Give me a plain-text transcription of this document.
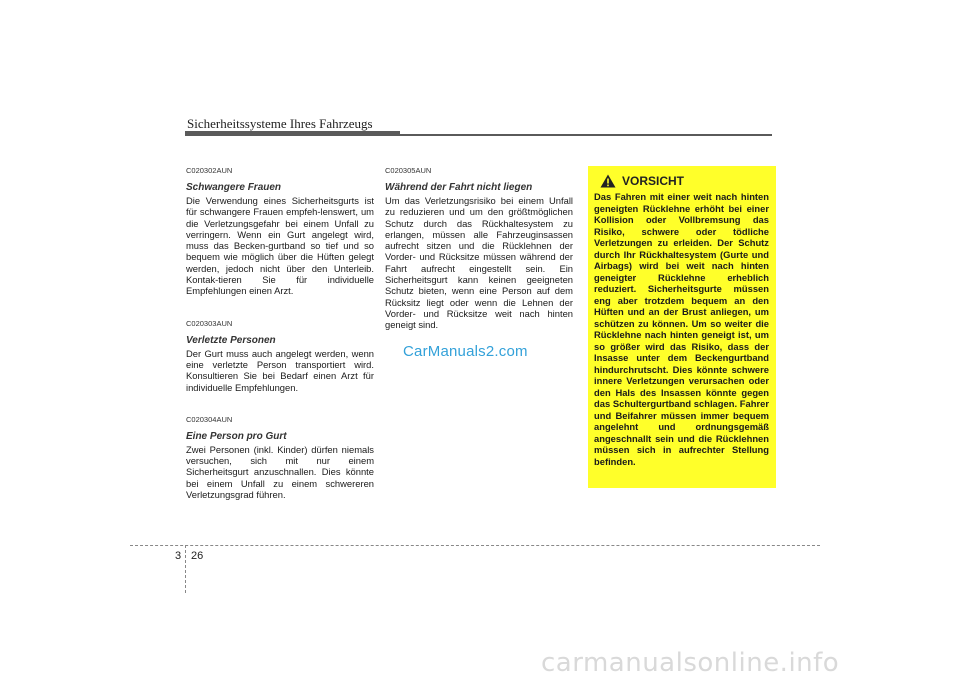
Sicherheitssysteme Ihres Fahrzeugs
C020302AUN
Schwangere Frauen
Die Verwendung eines Sicherheitsgurts ist für schwangere Frauen empfeh-lenswert, um die Verletzungsgefahr bei einem Unfall zu verringern. Wenn ein Gurt angelegt wird, muss das Becken-gurtband so tief und so bequem wie möglich über die Hüften gelegt werden, jedoch nicht über den Unterleib. Kontak-tieren Sie für individuelle Empfehlungen einen Arzt.
C020303AUN
Verletzte Personen
Der Gurt muss auch angelegt werden, wenn eine verletzte Person transportiert wird. Konsultieren Sie bei Bedarf einen Arzt für individuelle Empfehlungen.
C020304AUN
Eine Person pro Gurt
Zwei Personen (inkl. Kinder) dürfen niemals versuchen, sich mit nur einem Sicherheitsgurt anzuschnallen. Dies könnte bei einem Unfall zu einem schwereren Verletzungsgrad führen.
C020305AUN
Während der Fahrt nicht liegen
Um das Verletzungsrisiko bei einem Unfall zu reduzieren und um den größtmöglichen Schutz durch das Rückhaltesystem zu erlangen, müssen alle Fahrzeuginsassen aufrecht sitzen und die Rücklehnen der Vorder- und Rücksitze müssen während der Fahrt aufrecht eingestellt sein. Ein Sicherheitsgurt kann keinen geeigneten Schutz bieten, wenn eine Person auf dem Rücksitz liegt oder wenn die Lehnen der Vorder- und Rücksitze weit nach hinten geneigt sind.
VORSICHT
Das Fahren mit einer weit nach hinten geneigten Rücklehne erhöht bei einer Kollision oder Vollbremsung das Risiko, schwere oder tödliche Verletzungen zu erleiden. Der Schutz durch Ihr Rückhaltesystem (Gurte und Airbags) wird bei weit nach hinten geneigter Rücklehne erheblich reduziert. Sicherheitsgurte müssen eng aber trotzdem bequem an den Hüften und an der Brust anliegen, um schützen zu können. Um so weiter die Rücklehne nach hinten geneigt ist, um so größer wird das Risiko, dass der Insasse unter dem Beckengurtband hindurchrutscht. Dies könnte schwere innere Verletzungen verursachen oder den Hals des Insassen könnte gegen das Schultergurtband schlagen. Fahrer und Beifahrer müssen immer bequem angelehnt und ordnungsgemäß angeschnallt sein und die Rücklehnen müssen sich in aufrechter Stellung befinden.
CarManuals2.com
3 26
carmanualsonline.info
